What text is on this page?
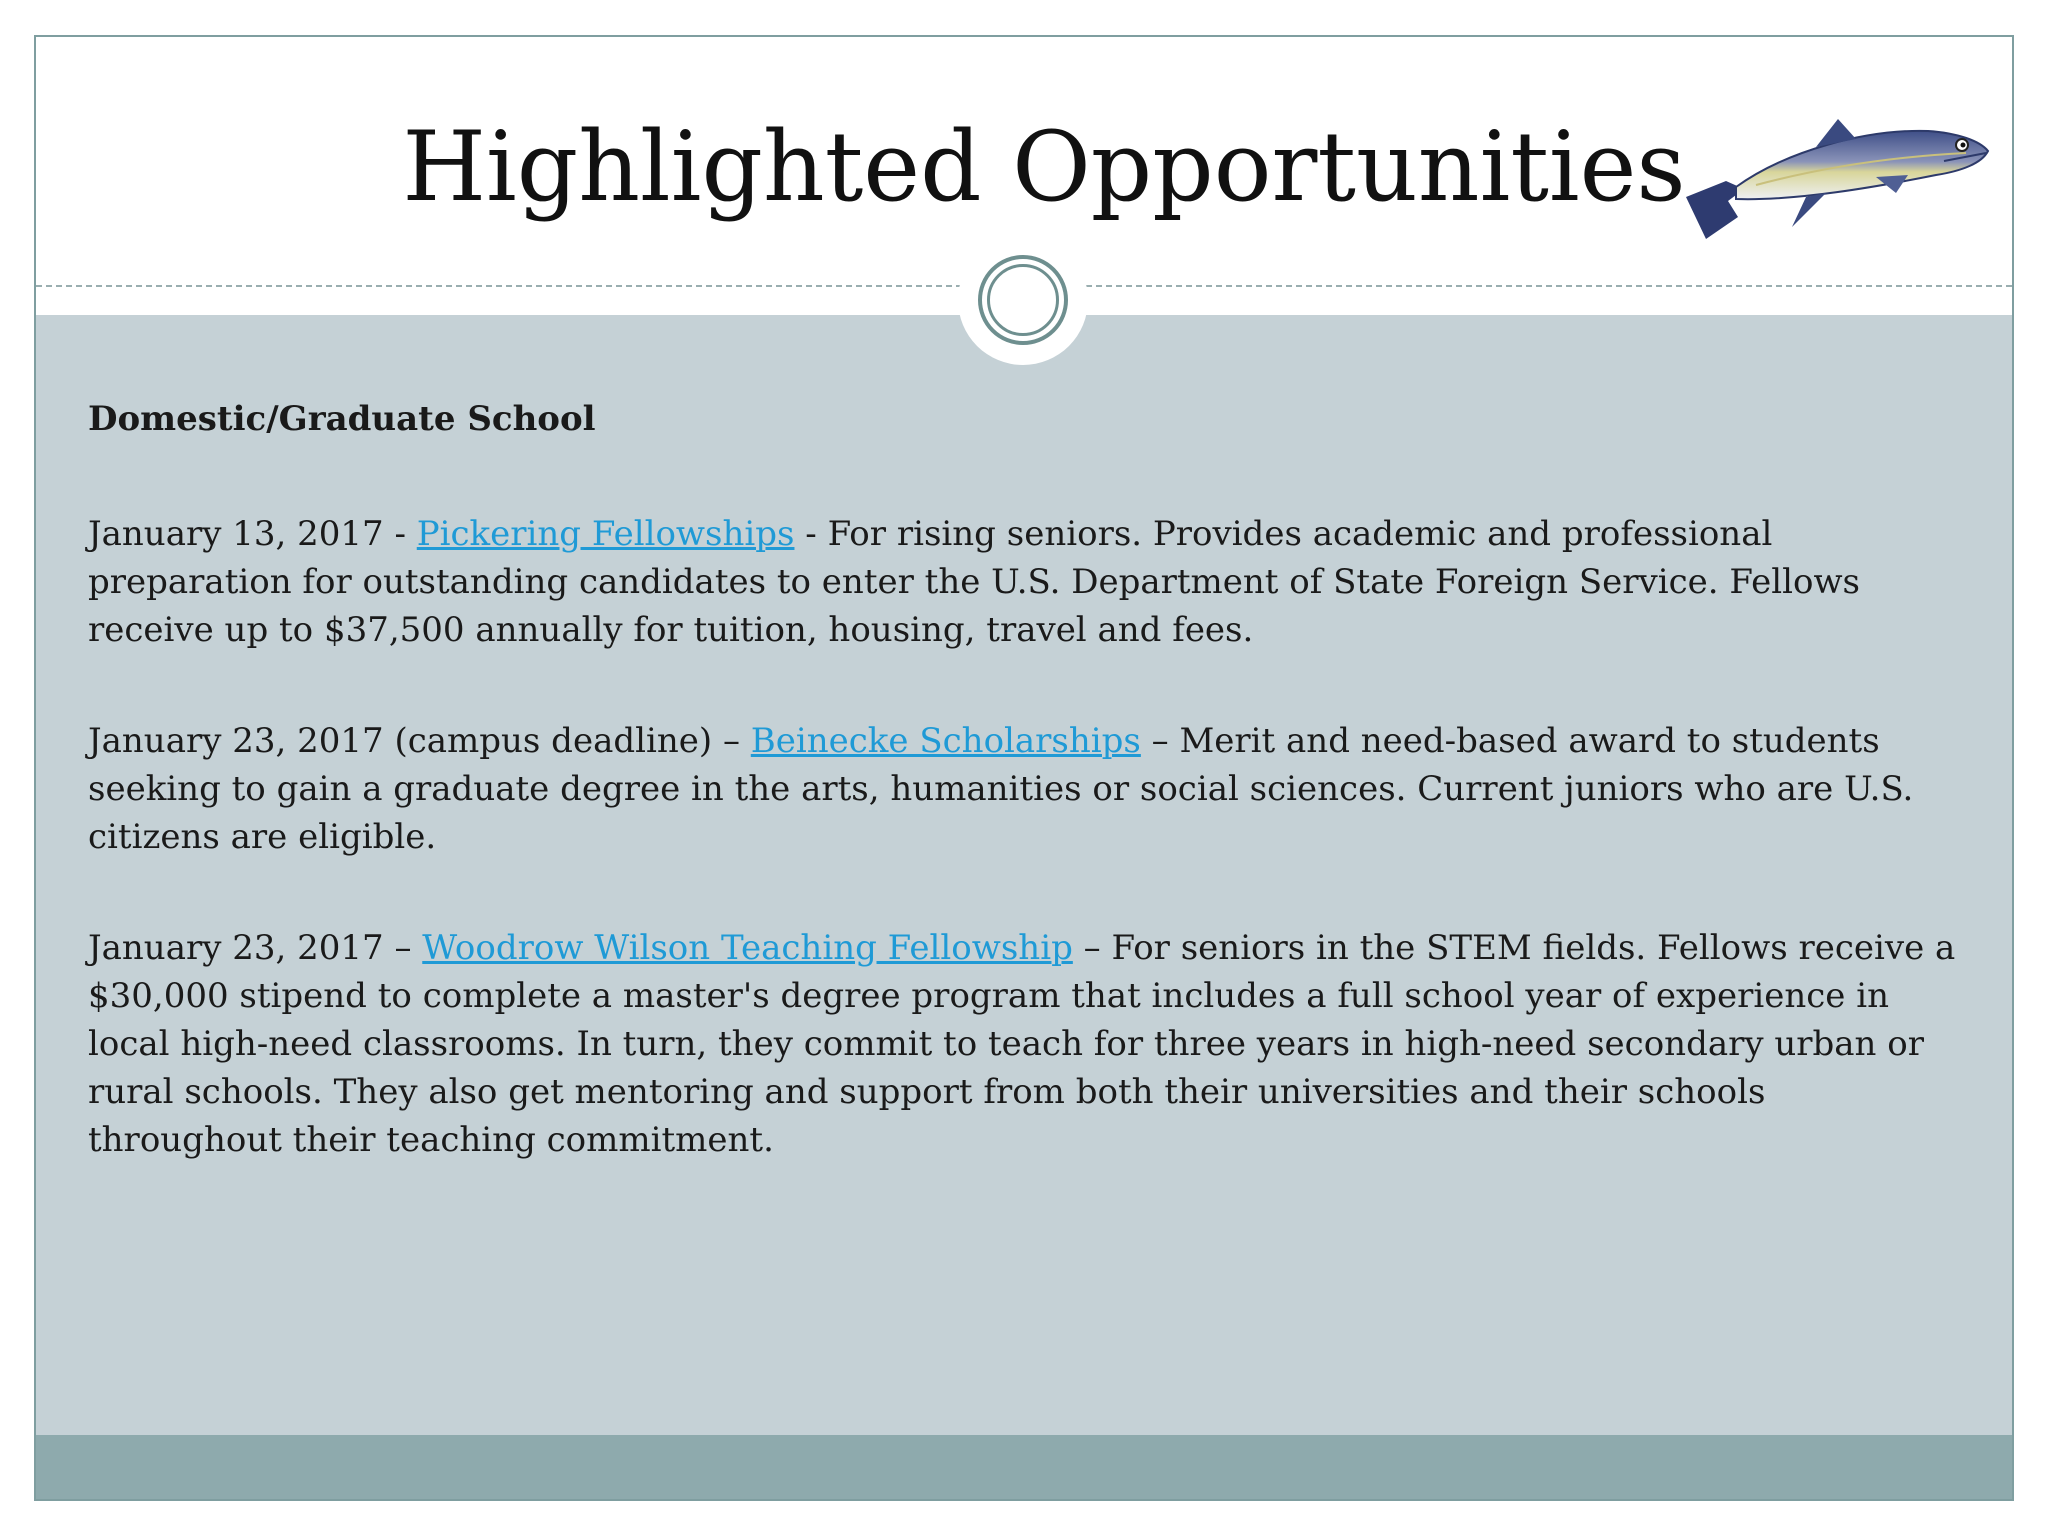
Highlighted Opportunities

Domestic/Graduate School

January 13, 2017 - Pickering Fellowships - For rising seniors. Provides academic and professional preparation for outstanding candidates to enter the U.S. Department of State Foreign Service. Fellows receive up to $37,500 annually for tuition, housing, travel and fees.

January 23, 2017 (campus deadline) – Beinecke Scholarships – Merit and need-based award to students seeking to gain a graduate degree in the arts, humanities or social sciences. Current juniors who are U.S. citizens are eligible.

January 23, 2017 – Woodrow Wilson Teaching Fellowship – For seniors in the STEM fields. Fellows receive a $30,000 stipend to complete a master's degree program that includes a full school year of experience in local high-need classrooms. In turn, they commit to teach for three years in high-need secondary urban or rural schools. They also get mentoring and support from both their universities and their schools throughout their teaching commitment.
